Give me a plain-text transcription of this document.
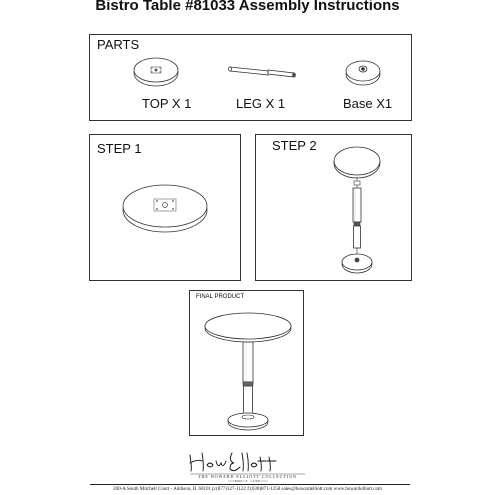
Bistro Table #81033 Assembly Instructions
PARTS
TOP X 1	LEG X 1	Base X1
STEP 1	STEP 2
FINAL PRODUCT
THE HOWARD ELLIOTT COLLECTION
SINCE 1991
200-A South Mitchell Court - Addison, IL 60101 p:(877)327-1122 f:(630)871-1258 sales@howardelliott.com www.howardelliott.com
